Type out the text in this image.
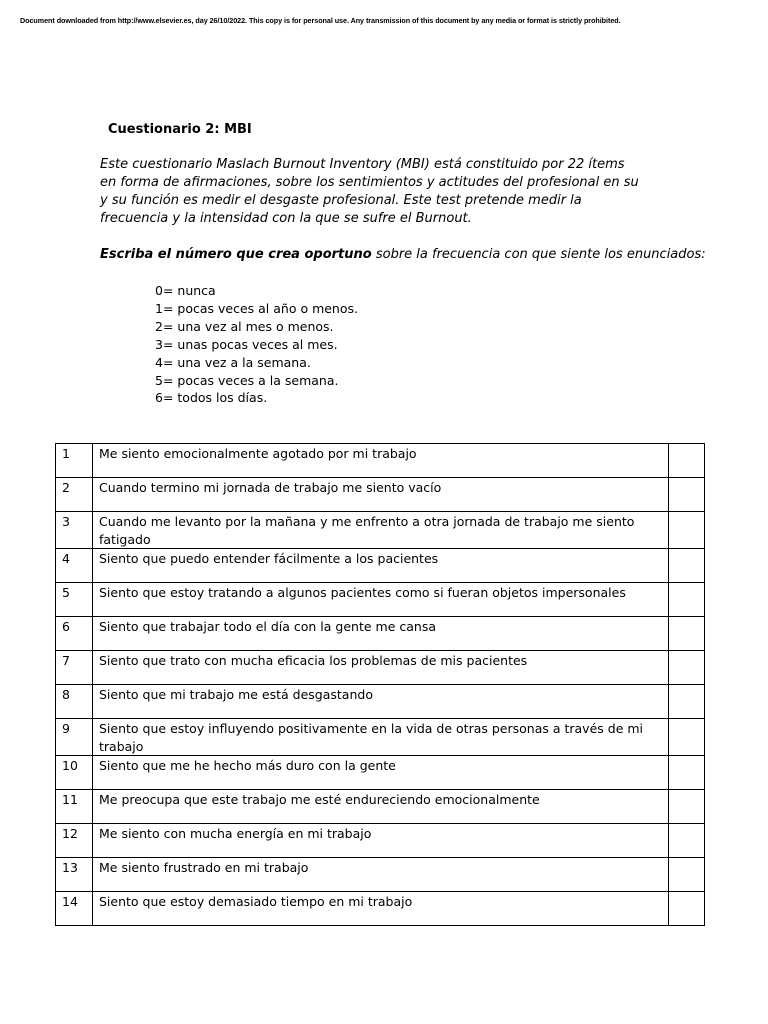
Document downloaded from http://www.elsevier.es, day 26/10/2022. This copy is for personal use. Any transmission of this document by any media or format is strictly prohibited.
Cuestionario 2: MBI
Este cuestionario Maslach Burnout Inventory (MBI) está constituido por 22 ítems en forma de afirmaciones, sobre los sentimientos y actitudes del profesional en su y su función es medir el desgaste profesional. Este test pretende medir la frecuencia y la intensidad con la que se sufre el Burnout.
Escriba el número que crea oportuno sobre la frecuencia con que siente los enunciados:
0= nunca
1= pocas veces al año o menos.
2= una vez al mes o menos.
3= unas pocas veces al mes.
4= una vez a la semana.
5= pocas veces a la semana.
6= todos los días.
1	Me siento emocionalmente agotado por mi trabajo	
2	Cuando termino mi jornada de trabajo me siento vacío	
3	Cuando me levanto por la mañana y me enfrento a otra jornada de trabajo me siento fatigado	
4	Siento que puedo entender fácilmente a los pacientes	
5	Siento que estoy tratando a algunos pacientes como si fueran objetos impersonales	
6	Siento que trabajar todo el día con la gente me cansa	
7	Siento que trato con mucha eficacia los problemas de mis pacientes	
8	Siento que mi trabajo me está desgastando	
9	Siento que estoy influyendo positivamente en la vida de otras personas a través de mi trabajo	
10	Siento que me he hecho más duro con la gente	
11	Me preocupa que este trabajo me esté endureciendo emocionalmente	
12	Me siento con mucha energía en mi trabajo	
13	Me siento frustrado en mi trabajo	
14	Siento que estoy demasiado tiempo en mi trabajo	
